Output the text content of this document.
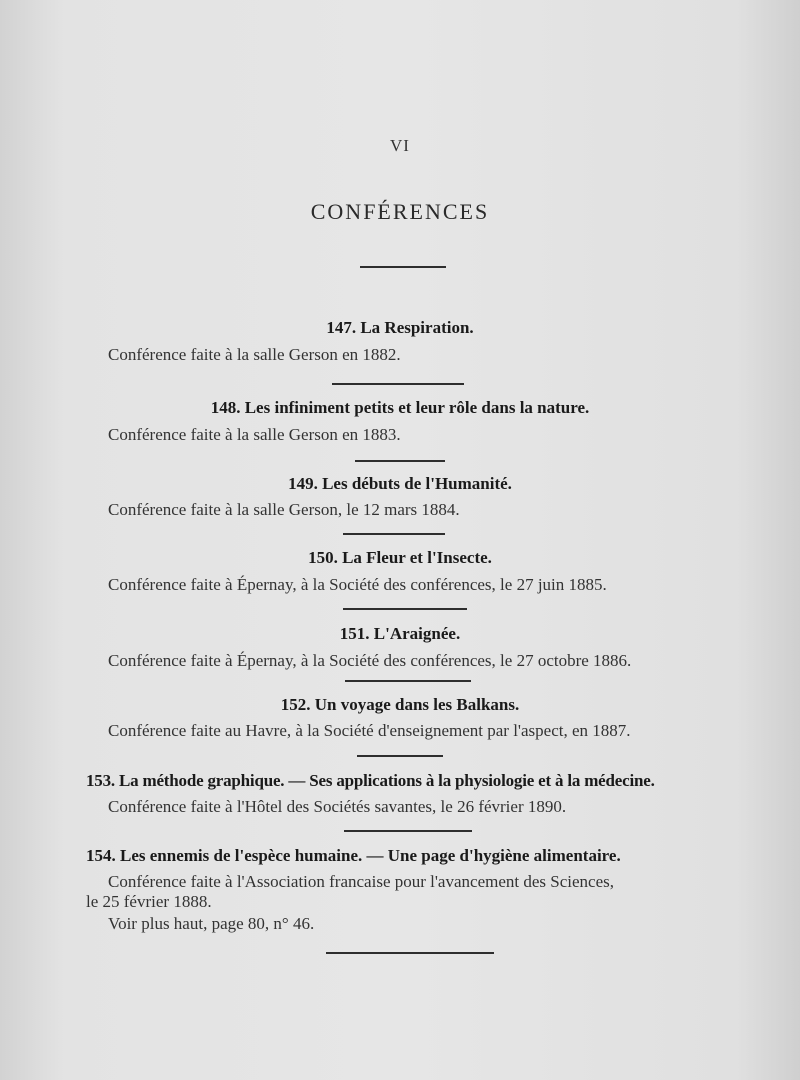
VI
CONFÉRENCES
147. La Respiration.
Conférence faite à la salle Gerson en 1882.
148. Les infiniment petits et leur rôle dans la nature.
Conférence faite à la salle Gerson en 1883.
149. Les débuts de l'Humanité.
Conférence faite à la salle Gerson, le 12 mars 1884.
150. La Fleur et l'Insecte.
Conférence faite à Épernay, à la Société des conférences, le 27 juin 1885.
151. L'Araignée.
Conférence faite à Épernay, à la Société des conférences, le 27 octobre 1886.
152. Un voyage dans les Balkans.
Conférence faite au Havre, à la Société d'enseignement par l'aspect, en 1887.
153. La méthode graphique. — Ses applications à la physiologie et à la médecine.
Conférence faite à l'Hôtel des Sociétés savantes, le 26 février 1890.
154. Les ennemis de l'espèce humaine. — Une page d'hygiène alimentaire.
Conférence faite à l'Association francaise pour l'avancement des Sciences,
le 25 février 1888.
Voir plus haut, page 80, n° 46.
